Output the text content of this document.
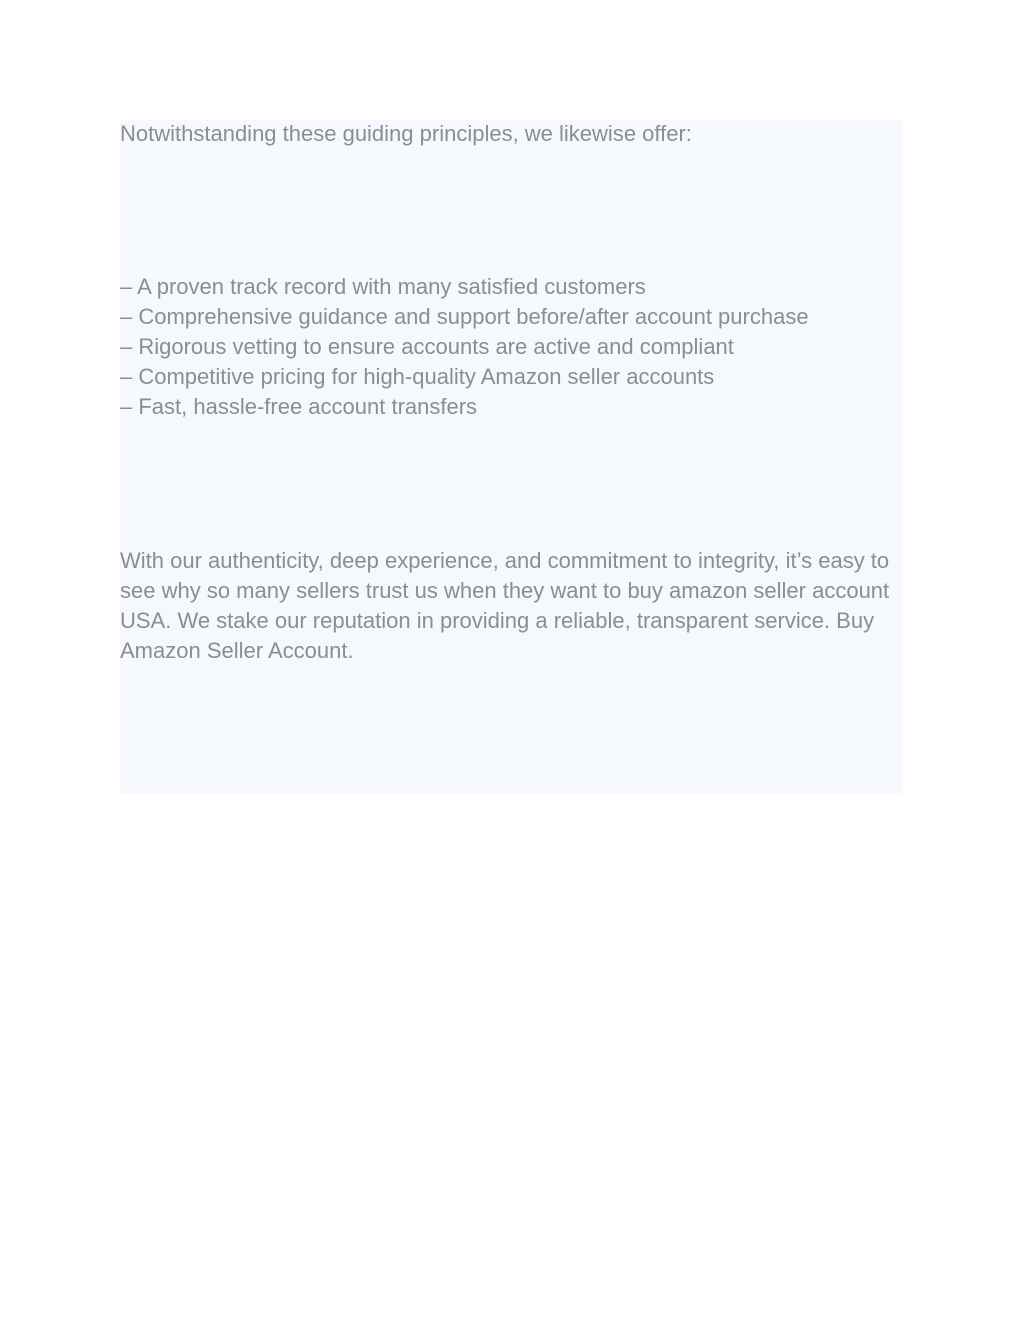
Notwithstanding these guiding principles, we likewise offer:

– A proven track record with many satisfied customers
– Comprehensive guidance and support before/after account purchase
– Rigorous vetting to ensure accounts are active and compliant
– Competitive pricing for high-quality Amazon seller accounts
– Fast, hassle-free account transfers

With our authenticity, deep experience, and commitment to integrity, it’s easy to see why so many sellers trust us when they want to buy amazon seller account USA. We stake our reputation in providing a reliable, transparent service. Buy Amazon Seller Account.
